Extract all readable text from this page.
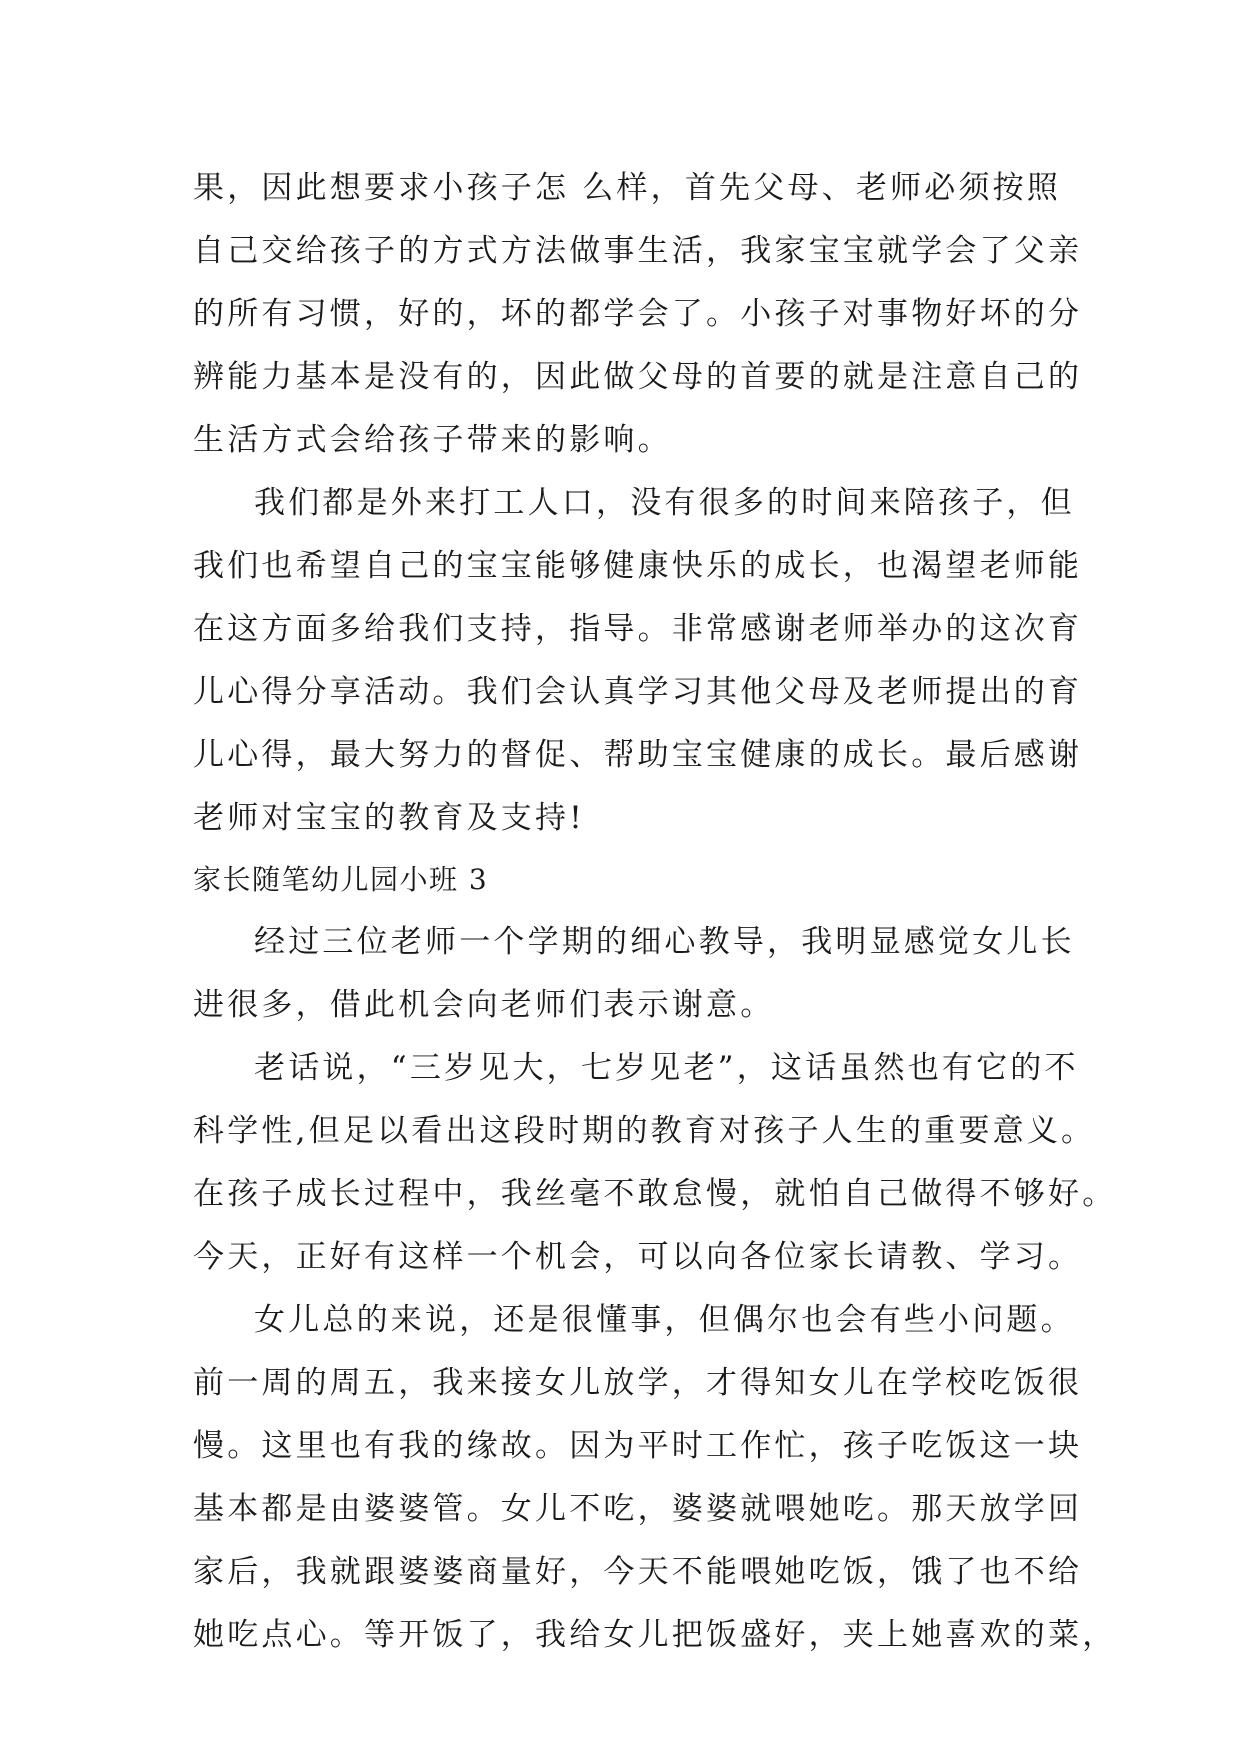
果，因此想要求小孩子怎 么样，首先父母、老师必须按照
自己交给孩子的方式方法做事生活，我家宝宝就学会了父亲
的所有习惯，好的，坏的都学会了。小孩子对事物好坏的分
辨能力基本是没有的，因此做父母的首要的就是注意自己的
生活方式会给孩子带来的影响。
我们都是外来打工人口，没有很多的时间来陪孩子，但
我们也希望自己的宝宝能够健康快乐的成长，也渴望老师能
在这方面多给我们支持，指导。非常感谢老师举办的这次育
儿心得分享活动。我们会认真学习其他父母及老师提出的育
儿心得，最大努力的督促、帮助宝宝健康的成长。最后感谢
老师对宝宝的教育及支持!
家长随笔幼儿园小班 3
经过三位老师一个学期的细心教导，我明显感觉女儿长
进很多，借此机会向老师们表示谢意。
老话说，“三岁见大，七岁见老”，这话虽然也有它的不
科学性,但足以看出这段时期的教育对孩子人生的重要意义。
在孩子成长过程中，我丝毫不敢怠慢，就怕自己做得不够好。
今天，正好有这样一个机会，可以向各位家长请教、学习。
女儿总的来说，还是很懂事，但偶尔也会有些小问题。
前一周的周五，我来接女儿放学，才得知女儿在学校吃饭很
慢。这里也有我的缘故。因为平时工作忙，孩子吃饭这一块
基本都是由婆婆管。女儿不吃，婆婆就喂她吃。那天放学回
家后，我就跟婆婆商量好，今天不能喂她吃饭，饿了也不给
她吃点心。等开饭了，我给女儿把饭盛好，夹上她喜欢的菜，
